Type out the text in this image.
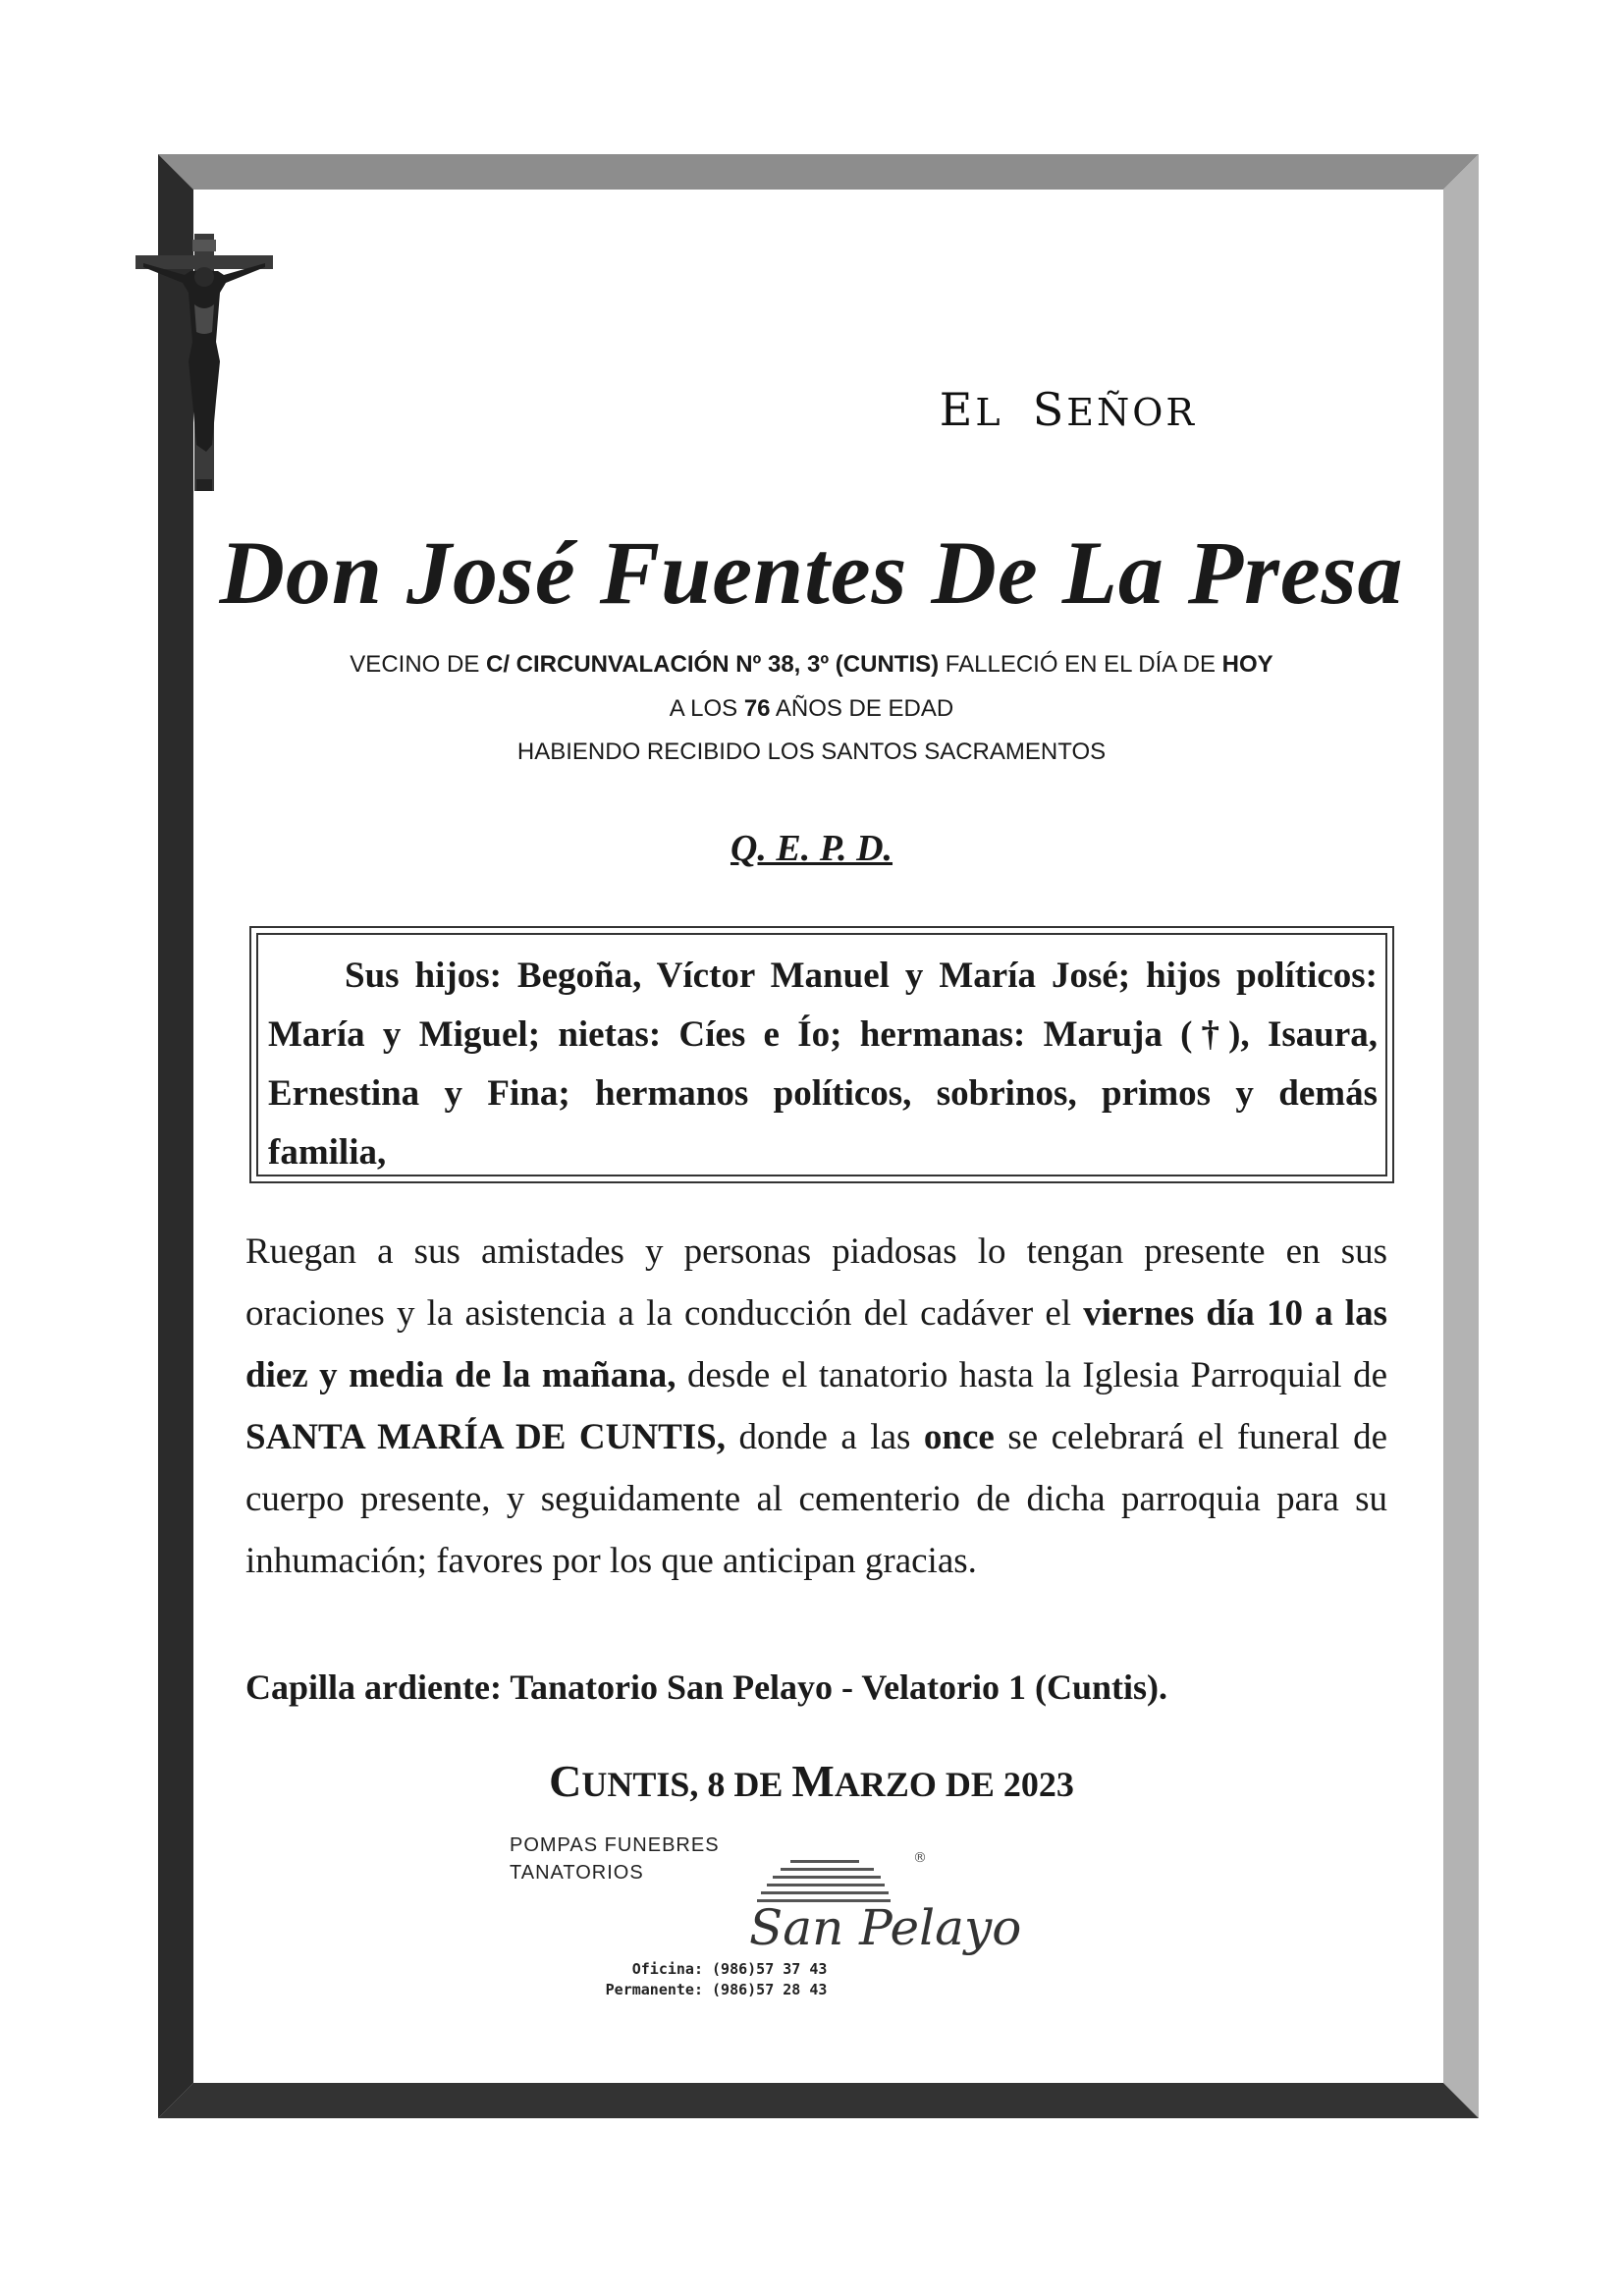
EL SEÑOR
Don José Fuentes De La Presa
VECINO DE C/ CIRCUNVALACIÓN Nº 38, 3º (CUNTIS) FALLECIÓ EN EL DÍA DE HOY
A LOS 76 AÑOS DE EDAD
HABIENDO RECIBIDO LOS SANTOS SACRAMENTOS
Q. E. P. D.

Sus hijos: Begoña, Víctor Manuel y María José; hijos políticos: María y Miguel; nietas: Cíes e Ío; hermanas: Maruja (†), Isaura, Ernestina y Fina; hermanos políticos, sobrinos, primos y demás familia,

Ruegan a sus amistades y personas piadosas lo tengan presente en sus oraciones y la asistencia a la conducción del cadáver el viernes día 10 a las diez y media de la mañana, desde el tanatorio hasta la Iglesia Parroquial de SANTA MARÍA DE CUNTIS, donde a las once se celebrará el funeral de cuerpo presente, y seguidamente al cementerio de dicha parroquia para su inhumación; favores por los que anticipan gracias.

Capilla ardiente: Tanatorio San Pelayo - Velatorio 1 (Cuntis).
CUNTIS, 8 DE MARZO DE 2023
POMPAS FUNEBRES
TANATORIOS
San Pelayo
®
Oficina: (986)57 37 43
Permanente: (986)57 28 43
